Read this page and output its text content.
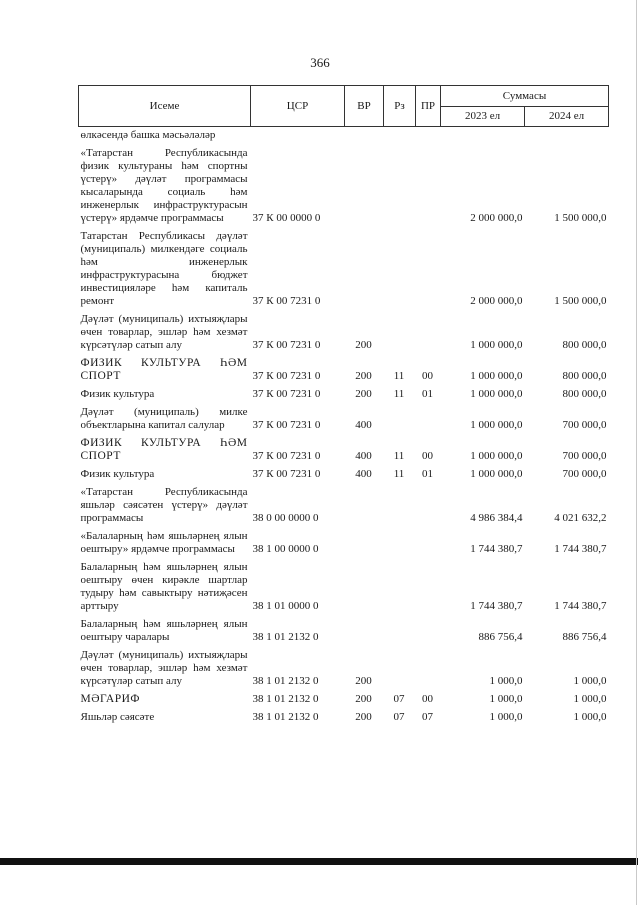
366
Исеме	ЦСР	ВР	Рз	ПР	Суммасы	
					2023 ел	2024 ел
өлкәсендә башка мәсьәләләр						
«Татарстан Республикасында физик культураны һәм спортны үстерү» дәүләт программасы кысаларында социаль һәм инженерлык инфраструктурасын үстерү» ярдәмче программасы	37 К 00 0000 0				2 000 000,0	1 500 000,0
Татарстан Республикасы дәүләт (муниципаль) милкендәге социаль һәм инженерлык инфраструктурасына бюджет инвестицияләре һәм капиталь ремонт	37 К 00 7231 0				2 000 000,0	1 500 000,0
Дәүләт (муниципаль) ихтыяҗлары өчен товарлар, эшләр һәм хезмәт күрсәтүләр сатып алу	37 К 00 7231 0	200			1 000 000,0	800 000,0
ФИЗИК КУЛЬТУРА ҺӘМ СПОРТ	37 К 00 7231 0	200	11	00	1 000 000,0	800 000,0
Физик культура	37 К 00 7231 0	200	11	01	1 000 000,0	800 000,0
Дәүләт (муниципаль) милке объектларына капитал салулар	37 К 00 7231 0	400			1 000 000,0	700 000,0
ФИЗИК КУЛЬТУРА ҺӘМ СПОРТ	37 К 00 7231 0	400	11	00	1 000 000,0	700 000,0
Физик культура	37 К 00 7231 0	400	11	01	1 000 000,0	700 000,0
«Татарстан Республикасында яшьләр сәясәтен үстерү» дәүләт программасы	38 0 00 0000 0				4 986 384,4	4 021 632,2
«Балаларның һәм яшьләрнең ялын оештыру» ярдәмче программасы	38 1 00 0000 0				1 744 380,7	1 744 380,7
Балаларның һәм яшьләрнең ялын оештыру өчен кирәкле шартлар тудыру һәм савыктыру нәтиҗәсен арттыру	38 1 01 0000 0				1 744 380,7	1 744 380,7
Балаларның һәм яшьләрнең ялын оештыру чаралары	38 1 01 2132 0				886 756,4	886 756,4
Дәүләт (муниципаль) ихтыяҗлары өчен товарлар, эшләр һәм хезмәт күрсәтүләр сатып алу	38 1 01 2132 0	200			1 000,0	1 000,0
МӘГАРИФ	38 1 01 2132 0	200	07	00	1 000,0	1 000,0
Яшьләр сәясәте	38 1 01 2132 0	200	07	07	1 000,0	1 000,0
